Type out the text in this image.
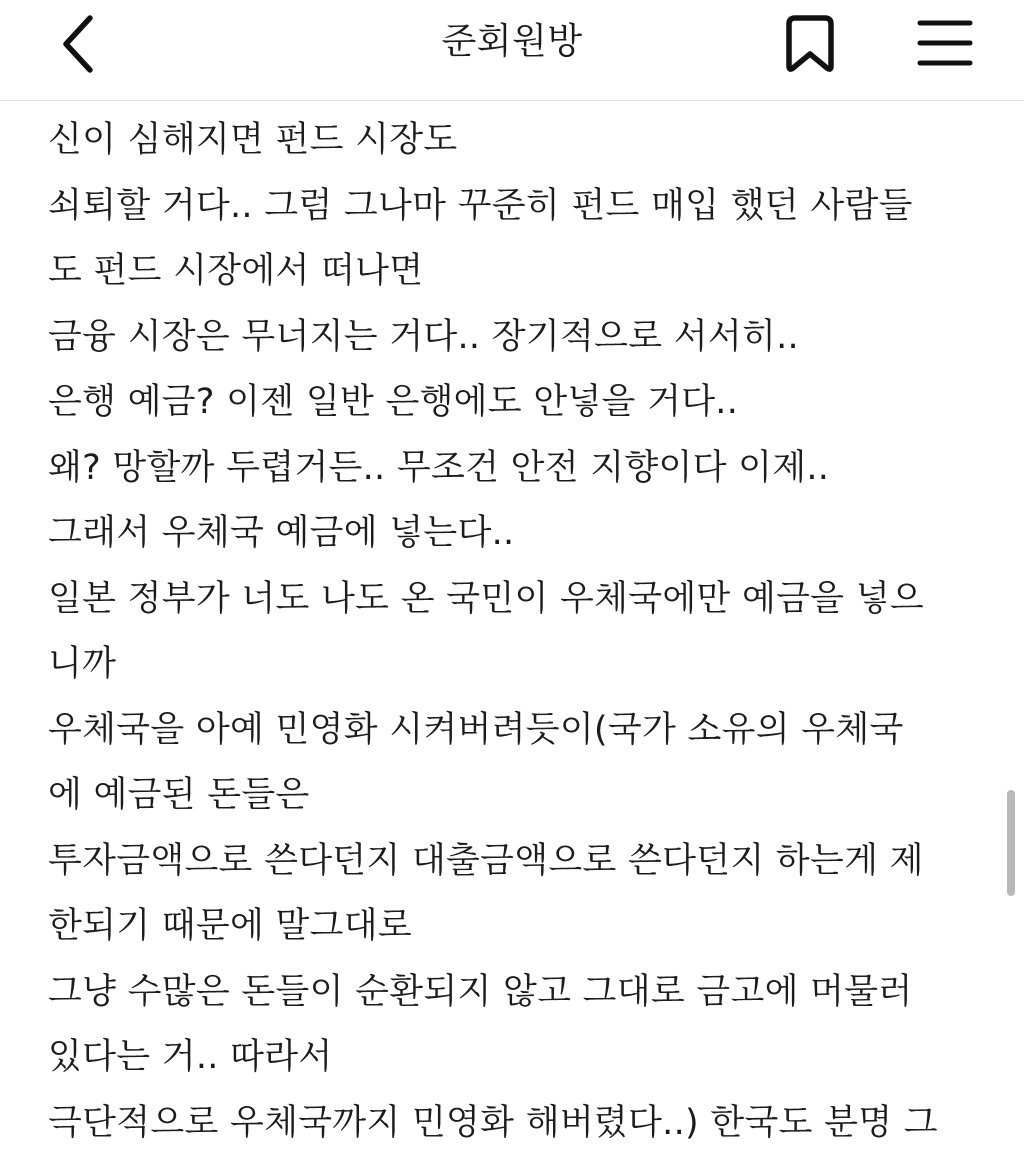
준회원방
신이 심해지면 펀드 시장도
쇠퇴할 거다.. 그럼 그나마 꾸준히 펀드 매입 했던 사람들
도 펀드 시장에서 떠나면
금융 시장은 무너지는 거다.. 장기적으로 서서히..
은행 예금? 이젠 일반 은행에도 안넣을 거다..
왜? 망할까 두렵거든.. 무조건 안전 지향이다 이제..
그래서 우체국 예금에 넣는다..
일본 정부가 너도 나도 온 국민이 우체국에만 예금을 넣으
니까
우체국을 아예 민영화 시켜버려듯이(국가 소유의 우체국
에 예금된 돈들은
투자금액으로 쓴다던지 대출금액으로 쓴다던지 하는게 제
한되기 때문에 말그대로
그냥 수많은 돈들이 순환되지 않고 그대로 금고에 머물러
있다는 거.. 따라서
극단적으로 우체국까지 민영화 해버렸다..) 한국도 분명 그
